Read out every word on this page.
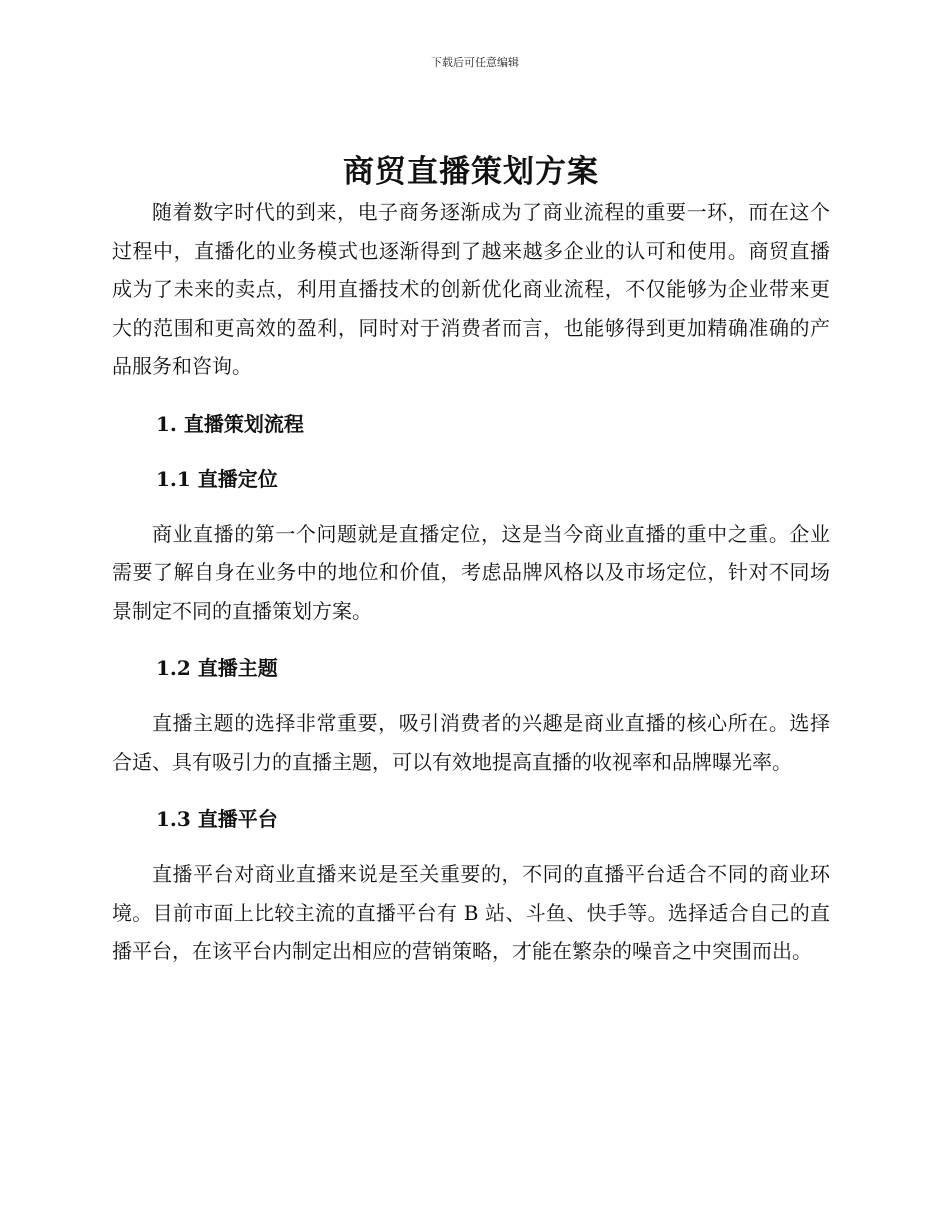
下载后可任意编辑
商贸直播策划方案

随着数字时代的到来，电子商务逐渐成为了商业流程的重要一环，而在这个过程中，直播化的业务模式也逐渐得到了越来越多企业的认可和使用。商贸直播成为了未来的卖点，利用直播技术的创新优化商业流程，不仅能够为企业带来更大的范围和更高效的盈利，同时对于消费者而言，也能够得到更加精确准确的产品服务和咨询。

1. 直播策划流程
1.1 直播定位

商业直播的第一个问题就是直播定位，这是当今商业直播的重中之重。企业需要了解自身在业务中的地位和价值，考虑品牌风格以及市场定位，针对不同场景制定不同的直播策划方案。

1.2 直播主题

直播主题的选择非常重要，吸引消费者的兴趣是商业直播的核心所在。选择合适、具有吸引力的直播主题，可以有效地提高直播的收视率和品牌曝光率。

1.3 直播平台

直播平台对商业直播来说是至关重要的，不同的直播平台适合不同的商业环境。目前市面上比较主流的直播平台有 B 站、斗鱼、快手等。选择适合自己的直播平台，在该平台内制定出相应的营销策略，才能在繁杂的噪音之中突围而出。
